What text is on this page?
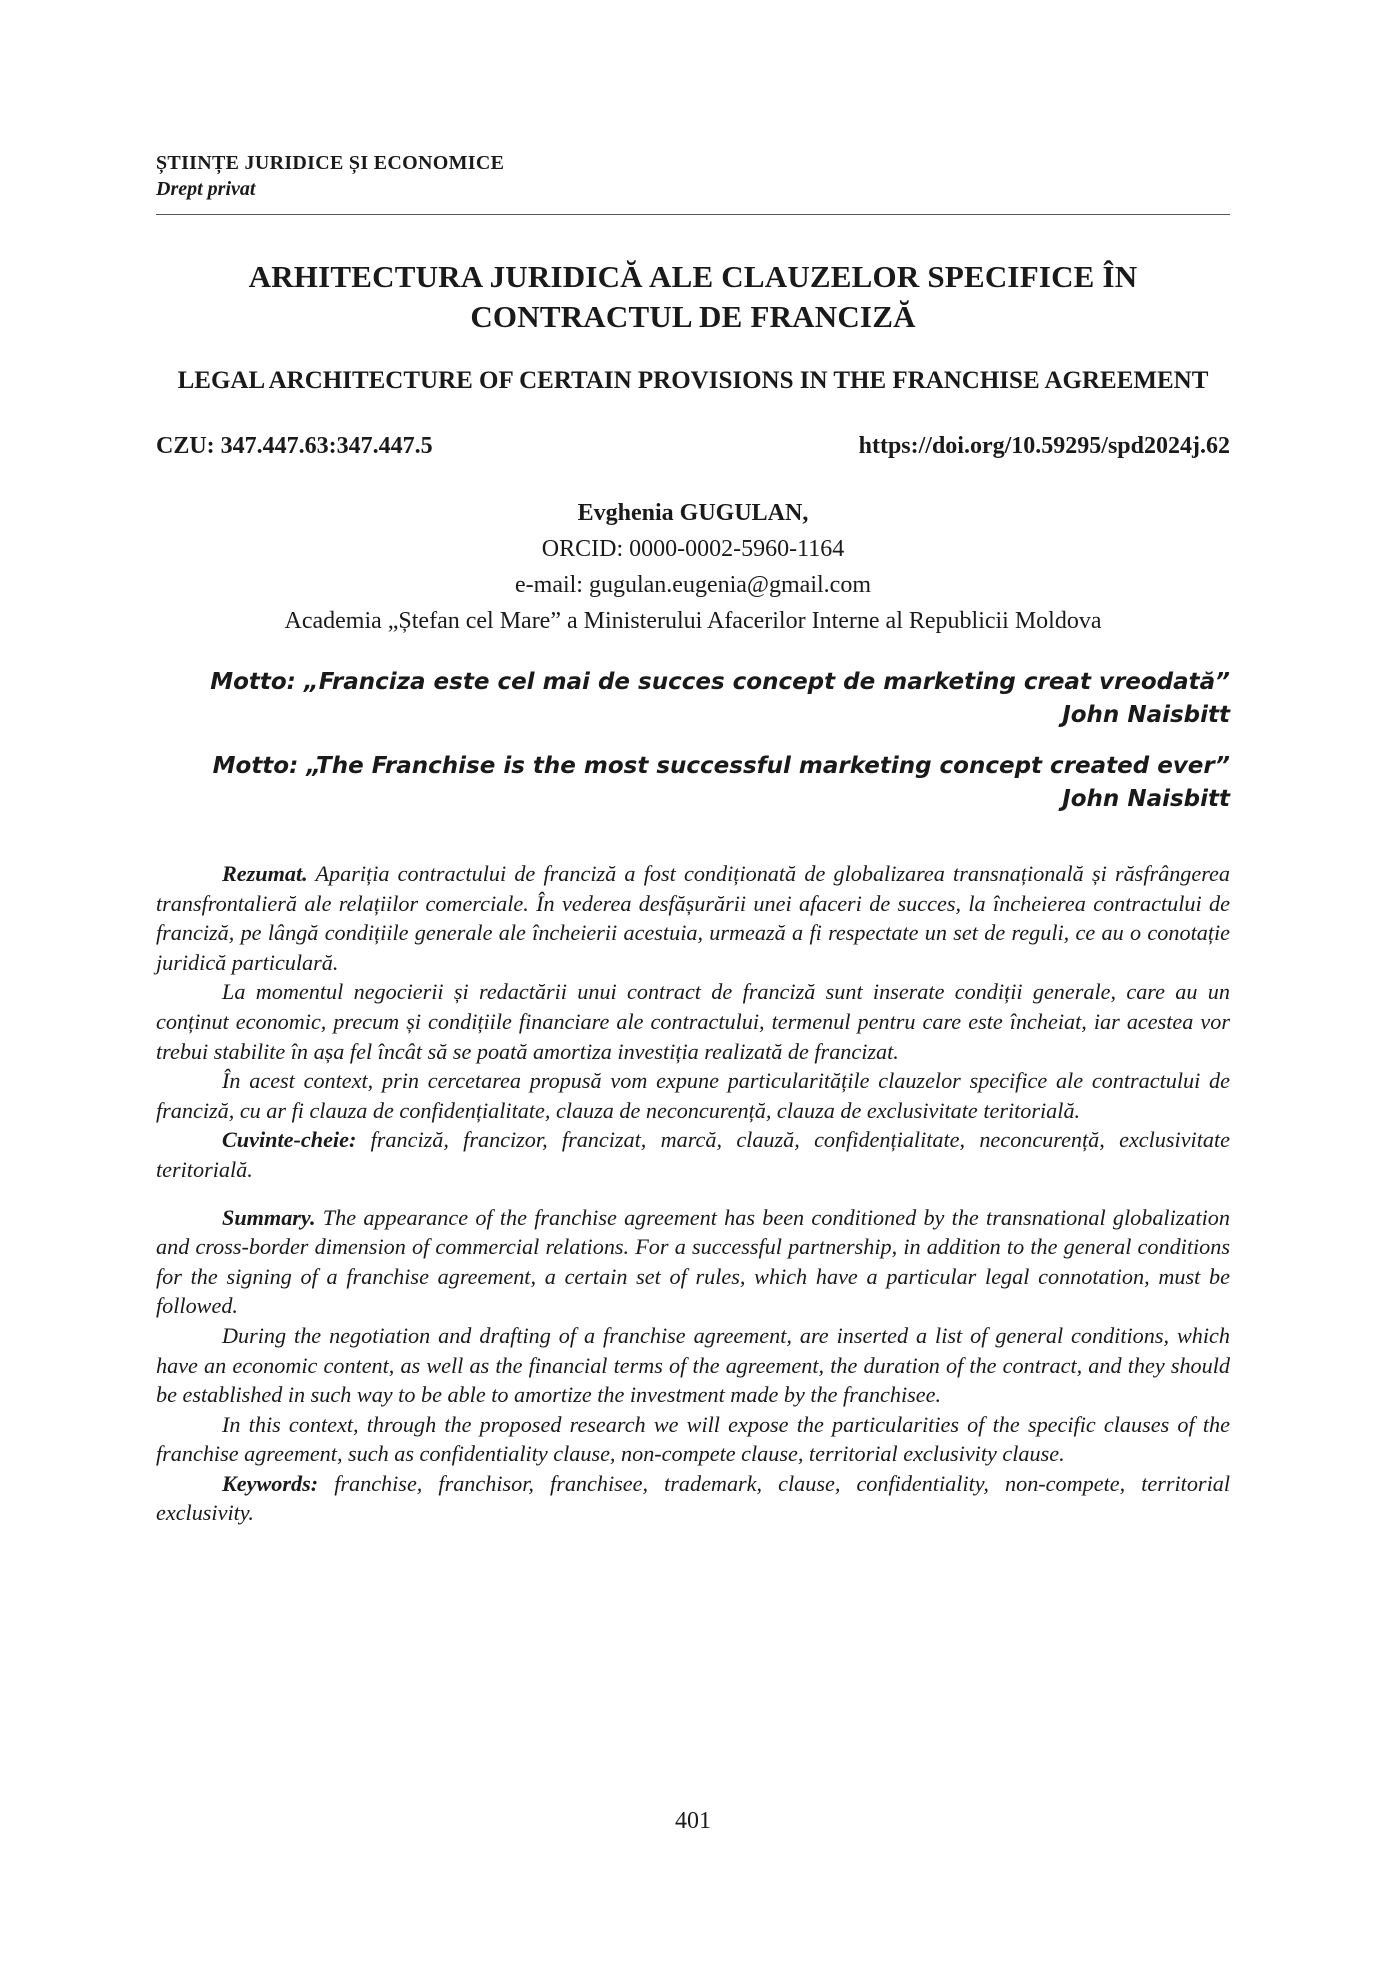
ȘTIINȚE JURIDICE ȘI ECONOMICE
Drept privat
ARHITECTURA JURIDICĂ ALE CLAUZELOR SPECIFICE ÎN CONTRACTUL DE FRANCIZĂ
LEGAL ARCHITECTURE OF CERTAIN PROVISIONS IN THE FRANCHISE AGREEMENT
CZU: 347.447.63:347.447.5	https://doi.org/10.59295/spd2024j.62
Evghenia GUGULAN,
ORCID: 0000-0002-5960-1164
e-mail: gugulan.eugenia@gmail.com
Academia „Ștefan cel Mare” a Ministerului Afacerilor Interne al Republicii Moldova
Motto: „Franciza este cel mai de succes concept de marketing creat vreodată”
John Naisbitt
Motto: „The Franchise is the most successful marketing concept created ever”
John Naisbitt

Rezumat. Apariția contractului de franciză a fost condiționată de globalizarea transnațională și răsfrângerea transfrontalieră ale relațiilor comerciale. În vederea desfășurării unei afaceri de succes, la încheierea contractului de franciză, pe lângă condițiile generale ale încheierii acestuia, urmează a fi respectate un set de reguli, ce au o conotație juridică particulară.

La momentul negocierii și redactării unui contract de franciză sunt inserate condiții generale, care au un conținut economic, precum și condițiile financiare ale contractului, termenul pentru care este încheiat, iar acestea vor trebui stabilite în așa fel încât să se poată amortiza investiția realizată de francizat.

În acest context, prin cercetarea propusă vom expune particularitățile clauzelor specifice ale contractului de franciză, cu ar fi clauza de confidențialitate, clauza de neconcurență, clauza de exclusivitate teritorială.

Cuvinte-cheie: franciză, francizor, francizat, marcă, clauză, confidențialitate, neconcurență, exclusivitate teritorială.

Summary. The appearance of the franchise agreement has been conditioned by the transnational globalization and cross-border dimension of commercial relations. For a successful partnership, in addition to the general conditions for the signing of a franchise agreement, a certain set of rules, which have a particular legal connotation, must be followed.

During the negotiation and drafting of a franchise agreement, are inserted a list of general conditions, which have an economic content, as well as the financial terms of the agreement, the duration of the contract, and they should be established in such way to be able to amortize the investment made by the franchisee.

In this context, through the proposed research we will expose the particularities of the specific clauses of the franchise agreement, such as confidentiality clause, non-compete clause, territorial exclusivity clause.

Keywords: franchise, franchisor, franchisee, trademark, clause, confidentiality, non-compete, territorial exclusivity.

401
